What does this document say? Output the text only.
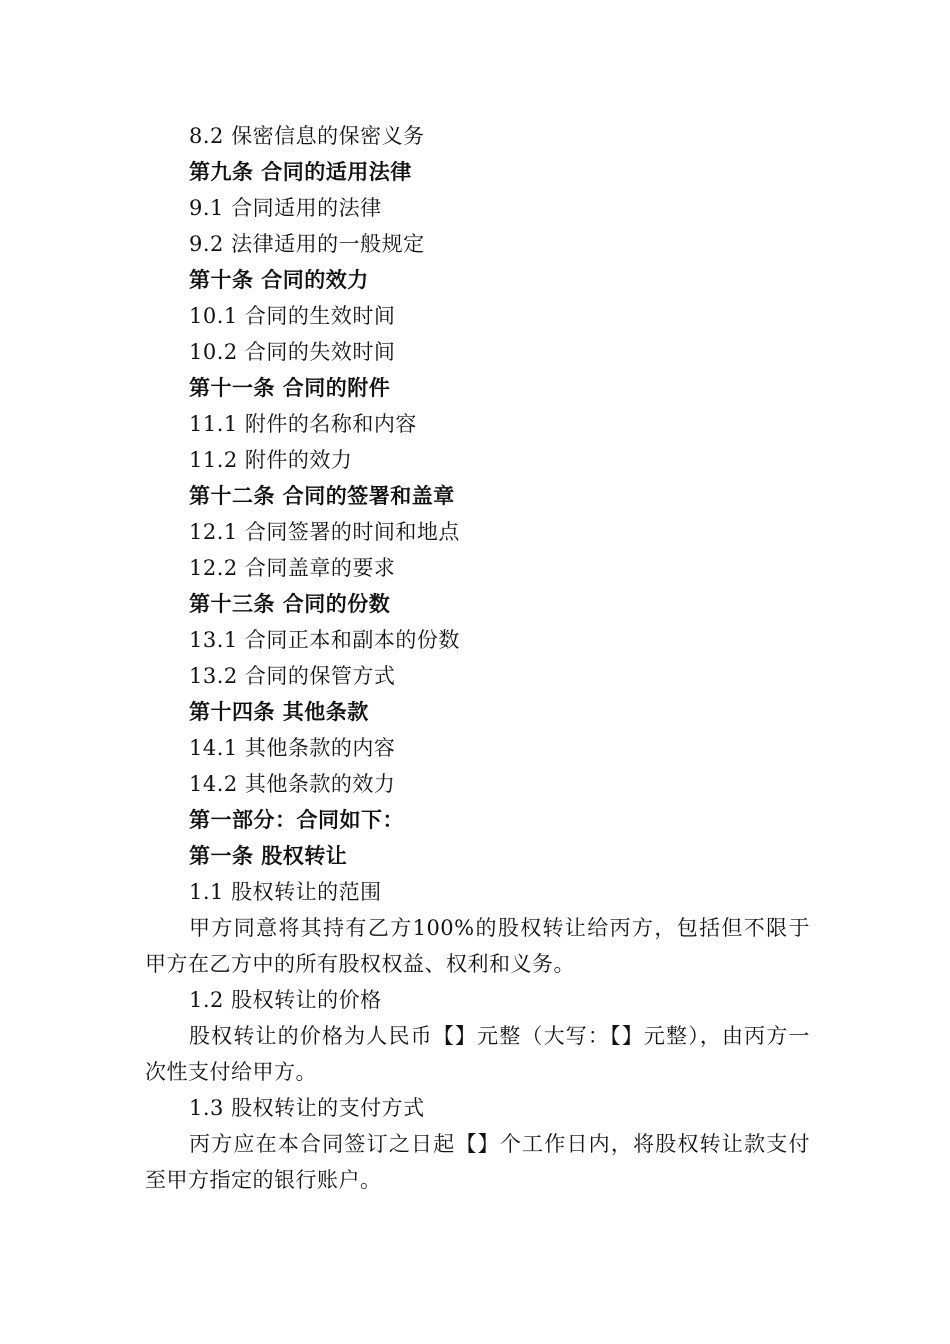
8.2 保密信息的保密义务
第九条 合同的适用法律
9.1 合同适用的法律
9.2 法律适用的一般规定
第十条 合同的效力
10.1 合同的生效时间
10.2 合同的失效时间
第十一条 合同的附件
11.1 附件的名称和内容
11.2 附件的效力
第十二条 合同的签署和盖章
12.1 合同签署的时间和地点
12.2 合同盖章的要求
第十三条 合同的份数
13.1 合同正本和副本的份数
13.2 合同的保管方式
第十四条 其他条款
14.1 其他条款的内容
14.2 其他条款的效力
第一部分：合同如下：
第一条 股权转让
1.1 股权转让的范围
甲方同意将其持有乙方100%的股权转让给丙方，包括但不限于甲方在乙方中的所有股权权益、权利和义务。
1.2 股权转让的价格
股权转让的价格为人民币【】元整（大写：【】元整），由丙方一次性支付给甲方。
1.3 股权转让的支付方式
丙方应在本合同签订之日起【】个工作日内，将股权转让款支付至甲方指定的银行账户。
